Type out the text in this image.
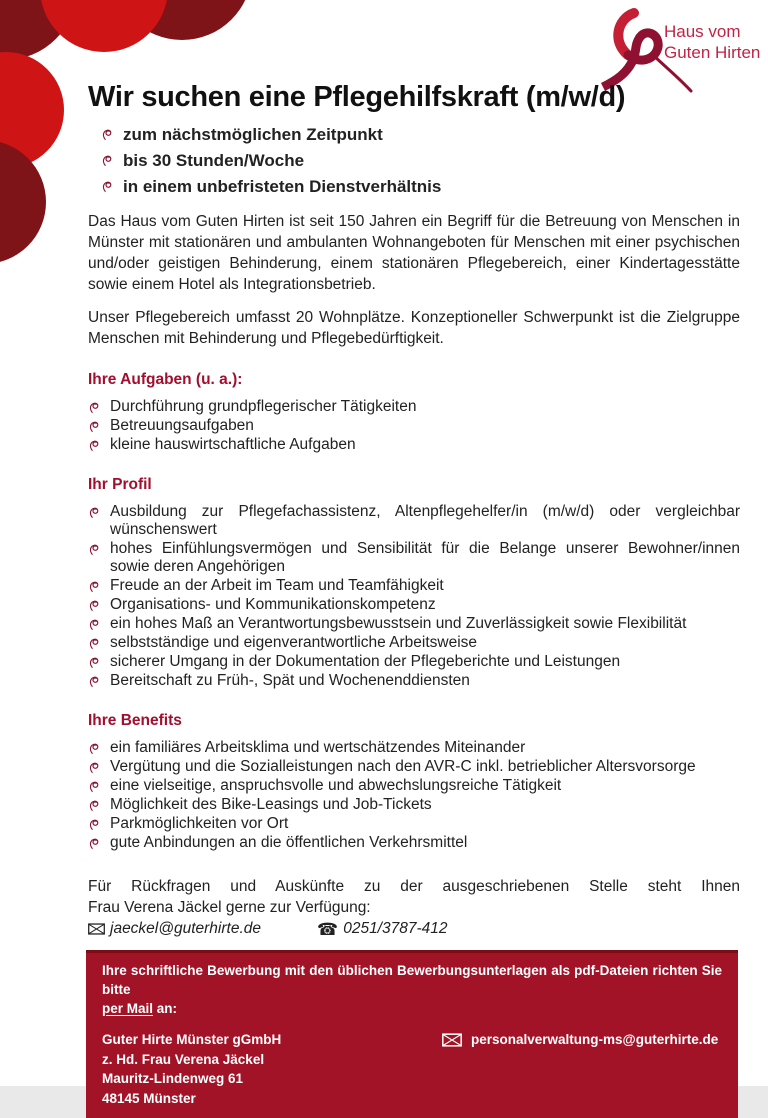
Haus vom
Guten Hirten
Wir suchen eine Pflegehilfskraft (m/w/d)
zum nächstmöglichen Zeitpunkt
bis 30 Stunden/Woche
in einem unbefristeten Dienstverhältnis

Das Haus vom Guten Hirten ist seit 150 Jahren ein Begriff für die Betreuung von Menschen in Münster mit stationären und ambulanten Wohnangeboten für Menschen mit einer psychischen und/oder geistigen Behinderung, einem stationären Pflegebereich, einer Kindertagesstätte sowie einem Hotel als Integrationsbetrieb.

Unser Pflegebereich umfasst 20 Wohnplätze. Konzeptioneller Schwerpunkt ist die Zielgruppe Menschen mit Behinderung und Pflegebedürftigkeit.

Ihre Aufgaben (u. a.):
Durchführung grundpflegerischer Tätigkeiten
Betreuungsaufgaben
kleine hauswirtschaftliche Aufgaben
Ihr Profil
Ausbildung zur Pflegefachassistenz, Altenpflegehelfer/in (m/w/d) oder vergleichbar wünschenswert
hohes Einfühlungsvermögen und Sensibilität für die Belange unserer Bewohner/innen sowie deren Angehörigen
Freude an der Arbeit im Team und Teamfähigkeit
Organisations- und Kommunikationskompetenz
ein hohes Maß an Verantwortungsbewusstsein und Zuverlässigkeit sowie Flexibilität
selbstständige und eigenverantwortliche Arbeitsweise
sicherer Umgang in der Dokumentation der Pflegeberichte und Leistungen
Bereitschaft zu Früh-, Spät und Wochenenddiensten
Ihre Benefits
ein familiäres Arbeitsklima und wertschätzendes Miteinander
Vergütung und die Sozialleistungen nach den AVR-C inkl. betrieblicher Altersvorsorge
eine vielseitige, anspruchsvolle und abwechslungsreiche Tätigkeit
Möglichkeit des Bike-Leasings und Job-Tickets
Parkmöglichkeiten vor Ort
gute Anbindungen an die öffentlichen Verkehrsmittel

Für Rückfragen und Auskünfte zu der ausgeschriebenen Stelle steht Ihnen
Frau Verena Jäckel gerne zur Verfügung:

jaeckel@guterhirte.de	☎ 0251/3787-412

Ihre schriftliche Bewerbung mit den üblichen Bewerbungsunterlagen als pdf-Dateien richten Sie bitte
per Mail an:

Guter Hirte Münster gGmbH
z. Hd. Frau Verena Jäckel
Mauritz-Lindenweg 61
48145 Münster
personalverwaltung-ms@guterhirte.de
